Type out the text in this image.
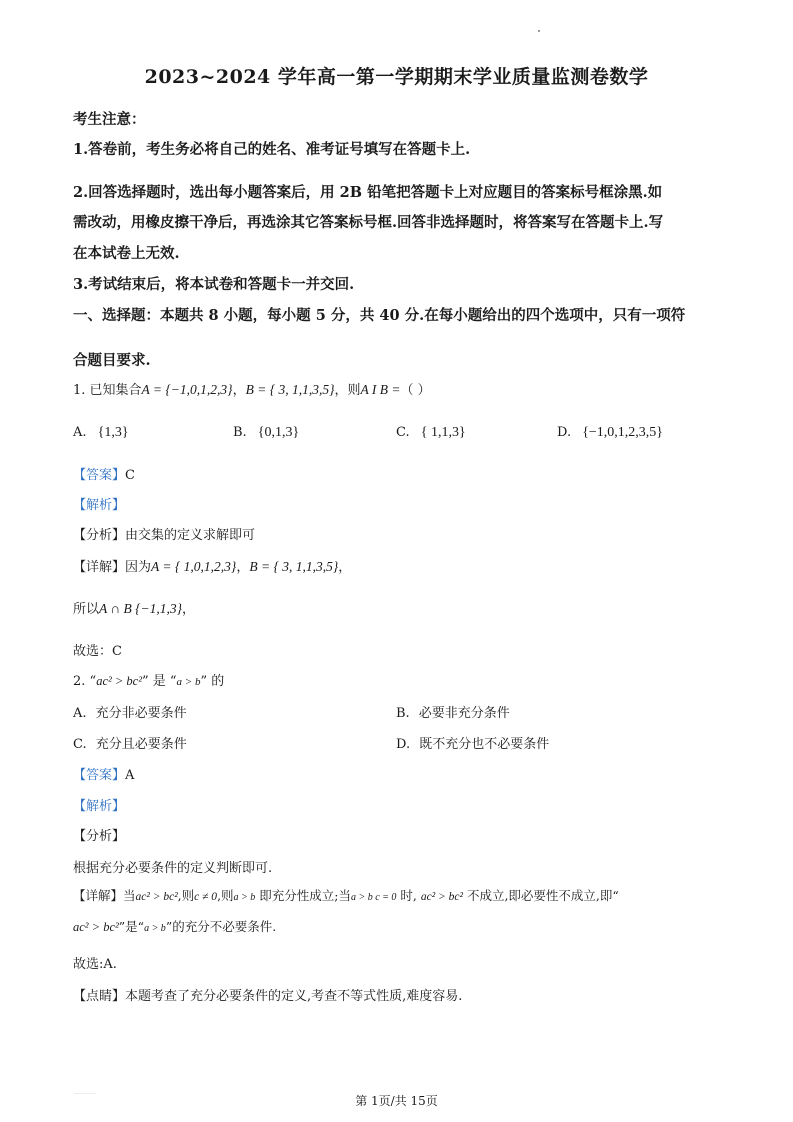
2023~2024 学年高一第一学期期末学业质量监测卷数学
考生注意：
1.答卷前，考生务必将自己的姓名、准考证号填写在答题卡上.
2.回答选择题时，选出每小题答案后，用 2B 铅笔把答题卡上对应题目的答案标号框涂黑.如
需改动，用橡皮擦干净后，再选涂其它答案标号框.回答非选择题时，将答案写在答题卡上.写
在本试卷上无效.
3.考试结束后，将本试卷和答题卡一并交回.
一、选择题：本题共 8 小题，每小题 5 分，共 40 分.在每小题给出的四个选项中，只有一项符
合题目要求.
1. 已知集合A = {−1,0,1,2,3}，B = { 3, 1,1,3,5}，则A I B =（ ）
A. {1,3}	B. {0,1,3}	C. { 1,1,3}	D. {−1,0,1,2,3,5}
【答案】C
【解析】
【分析】由交集的定义求解即可
【详解】因为A = { 1,0,1,2,3}，B = { 3, 1,1,3,5}，
所以A ∩ B {−1,1,3}，
故选：C
2. “ac² > bc²” 是 “a > b” 的
A. 充分非必要条件	B. 必要非充分条件
C. 充分且必要条件	D. 既不充分也不必要条件
【答案】A
【解析】
【分析】
根据充分必要条件的定义判断即可.
【详解】当ac² > bc²,则c ≠ 0,则a > b 即充分性成立;当a > b c = 0 时, ac² > bc² 不成立,即必要性不成立,即“
ac² > bc²”是“a > b”的充分不必要条件.
故选:A.
【点睛】本题考查了充分必要条件的定义,考查不等式性质,难度容易.
第 1页/共 15页
